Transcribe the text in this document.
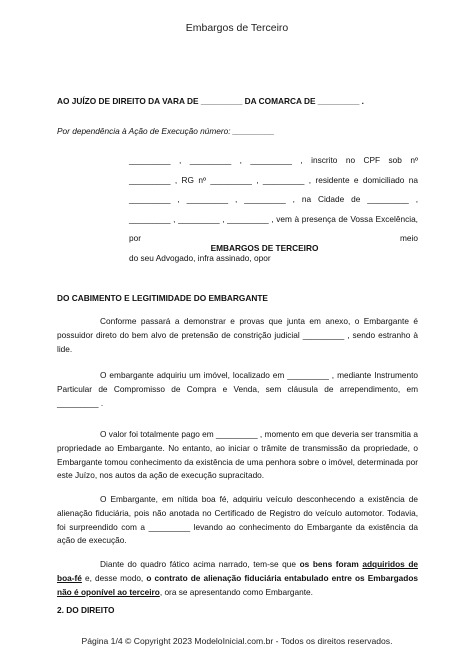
Embargos de Terceiro
AO JUÍZO DE DIREITO DA VARA DE _________ DA COMARCA DE _________ .
Por dependência à Ação de Execução número: _________

_________ , _________ , _________ , inscrito no CPF sob nº

_________ , RG nº _________ , _________ , residente e domiciliado na

_________ , _________ , _________ , na Cidade de _________ ,

_________ , _________ , _________ , vem à presença de Vossa Excelência, por meio

do seu Advogado, infra assinado, opor

EMBARGOS DE TERCEIRO
DO CABIMENTO E LEGITIMIDADE DO EMBARGANTE

Conforme passará a demonstrar e provas que junta em anexo, o Embargante é possuidor direto do bem alvo de pretensão de constrição judicial _________ , sendo estranho à lide.

O embargante adquiriu um imóvel, localizado em _________ , mediante Instrumento Particular de Compromisso de Compra e Venda, sem cláusula de arrependimento, em _________ .

O valor foi totalmente pago em _________ , momento em que deveria ser transmitia a propriedade ao Embargante. No entanto, ao iniciar o trâmite de transmissão da propriedade, o Embargante tomou conhecimento da existência de uma penhora sobre o imóvel, determinada por este Juízo, nos autos da ação de execução supracitado.

O Embargante, em nítida boa fé, adquiriu veículo desconhecendo a existência de alienação fiduciária, pois não anotada no Certificado de Registro do veículo automotor. Todavia, foi surpreendido com a _________ levando ao conhecimento do Embargante da existência da ação de execução.

Diante do quadro fático acima narrado, tem-se que os bens foram adquiridos de boa-fé e, desse modo, o contrato de alienação fiduciária entabulado entre os Embargados não é oponível ao terceiro, ora se apresentando como Embargante.

2. DO DIREITO
Página 1/4 © Copyright 2023 ModeloInicial.com.br - Todos os direitos reservados.
